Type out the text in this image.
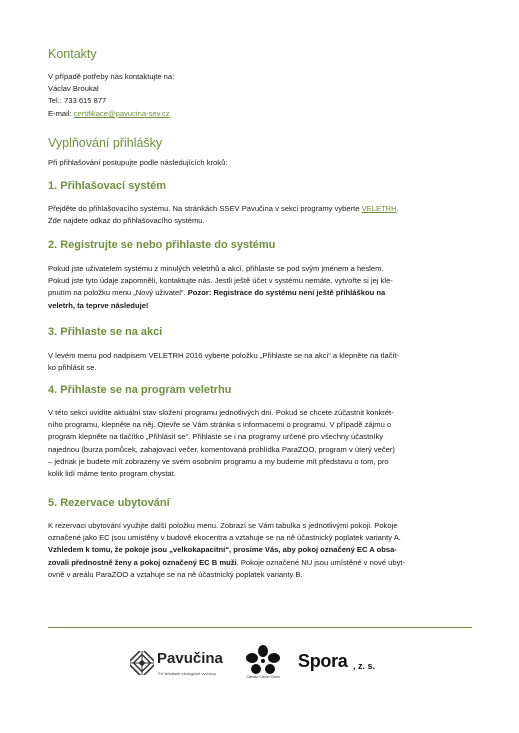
Kontakty
V případě potřeby nás kontaktujte na:
Václav Broukal
Tel.: 733 615 877
E-mail: certifikace@pavucina-sev.cz
Vyplňování přihlášky
Při přihlašování postupujte podle následujících kroků:
1. Přihlašovací systém
Přejděte do přihlašovacího systému. Na stránkách SSEV Pavučina v sekci programy vyberte VELETRH.
Zde najdete odkaz do přihlašovacího systému.
2. Registrujte se nebo přihlaste do systému
Pokud jste uživatelem systému z minulých veletrhů a akcí, přihlaste se pod svým jménem a heslem.
Pokud jste tyto údaje zapomněli, kontaktujte nás. Jestli ještě účet v systému nemáte, vytvořte si jej kle-
pnutím na položku menu „Nový uživatel“. Pozor: Registrace do systému není ještě přihláškou na
veletrh, ta teprve následuje!
3. Přihlaste se na akci
V levém menu pod nadpisem VELETRH 2016 vyberte položku „Přihlaste se na akci“ a klepněte na tlačít-
ko přihlásit se.
4. Přihlaste se na program veletrhu
V této sekci uvidíte aktuální stav složení programu jednotlivých dní. Pokud se chcete zúčastnit konkrét-
ního programu, klepněte na něj. Otevře se Vám stránka s informacemi o programu. V případě zájmu o
program klepněte na tlačítko „Přihlásit se“. Přihlaste se i na programy určené pro všechny účastníky
najednou (burza pomůcek, zahajovací večer, komentovaná prohlídka ParaZOO, program v úterý večer)
– jednak je budete mít zobrazeny ve svém osobním programu a my budeme mít představu o tom, pro
kolik lidí máme tento program chystat.
5. Rezervace ubytování
K rezervaci ubytování využijte další položku menu. Zobrazí se Vám tabulka s jednotlivými pokoji. Pokoje
označené jako EC jsou umístěny v budově ekocentra a vztahuje se na ně účastnický poplatek varianty A.
Vzhledem k tomu, že pokoje jsou „velkokapacitní“, prosíme Vás, aby pokoj označený EC A obsa-
zovali přednostně ženy a pokoj označený EC B muži. Pokoje označené NU jsou umístěné v nové ubyt-
ovně v areálu ParaZOO a vztahuje se na ně účastnický poplatek varianty B.
Pavučina
Síť středisek ekologické výchovy
Climate Clever Cities
Spora , z. s.
